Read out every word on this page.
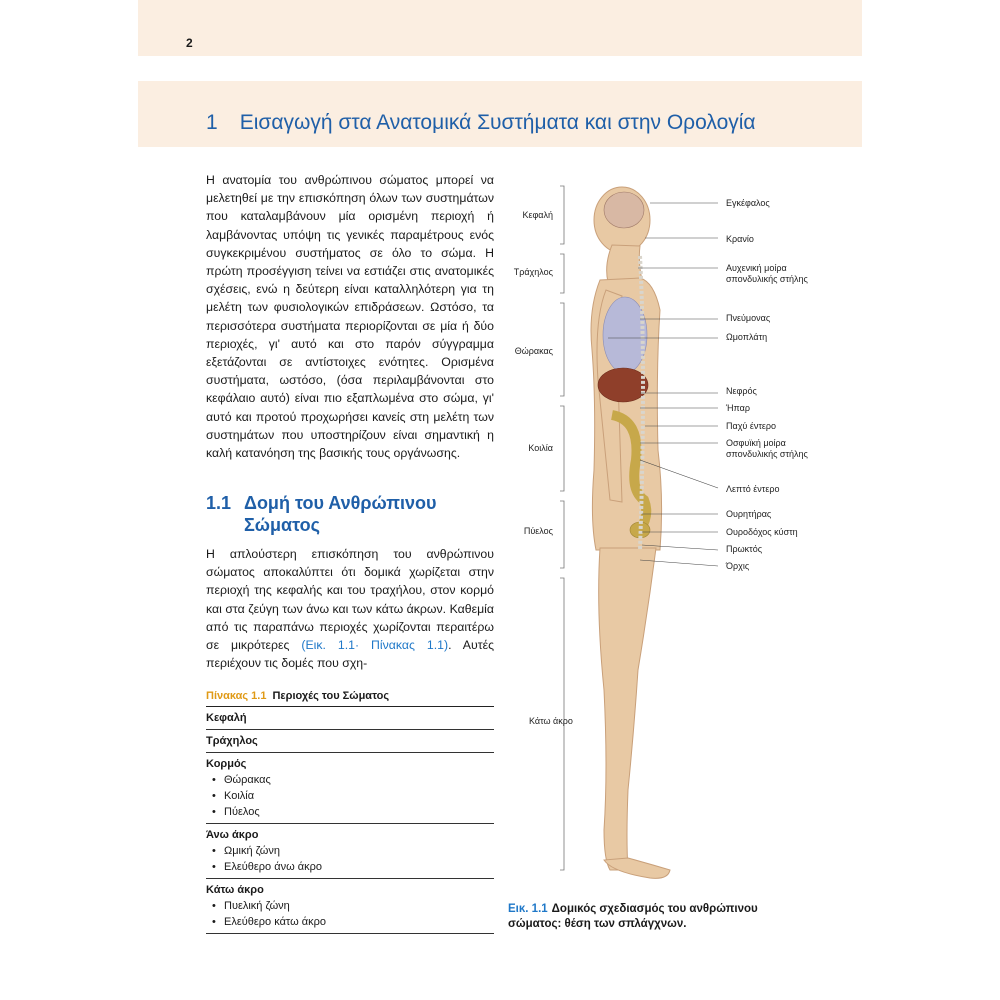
2
1 Εισαγωγή στα Ανατομικά Συστήματα και στην Ορολογία
Η ανατομία του ανθρώπινου σώματος μπορεί να μελετηθεί με την επισκόπηση όλων των συστημάτων που καταλαμβάνουν μία ορισμένη περιοχή ή λαμβάνοντας υπόψη τις γενικές παραμέτρους ενός συγκεκριμένου συστήματος σε όλο το σώμα. Η πρώτη προσέγγιση τείνει να εστιάζει στις ανατομικές σχέσεις, ενώ η δεύτερη είναι καταλληλότερη για τη μελέτη των φυσιολογικών επιδράσεων. Ωστόσο, τα περισσότερα συστήματα περιορίζονται σε μία ή δύο περιοχές, γι' αυτό και στο παρόν σύγγραμμα εξετάζονται σε αντίστοιχες ενότητες. Ορισμένα συστήματα, ωστόσο, (όσα περιλαμβάνονται στο κεφάλαιο αυτό) είναι πιο εξαπλωμένα στο σώμα, γι' αυτό και προτού προχωρήσει κανείς στη μελέτη των συστημάτων που υποστηρίζουν είναι σημαντική η καλή κατανόηση της βασικής τους οργάνωσης.
1.1 Δομή του Ανθρώπινου
Σώματος
Η απλούστερη επισκόπηση του ανθρώπινου σώματος αποκαλύπτει ότι δομικά χωρίζεται στην περιοχή της κεφαλής και του τραχήλου, στον κορμό και στα ζεύγη των άνω και των κάτω άκρων. Καθεμία από τις παραπάνω περιοχές χωρίζονται περαιτέρω σε μικρότερες (Εικ. 1.1· Πίνακας 1.1). Αυτές περιέχουν τις δομές που σχη-
Πίνακας 1.1 Περιοχές του Σώματος
Κεφαλή
Τράχηλος
Κορμός
• Θώρακας
• Κοιλία
• Πύελος
Άνω άκρο
• Ωμική ζώνη
• Ελεύθερο άνω άκρο
Κάτω άκρο
• Πυελική ζώνη
• Ελεύθερο κάτω άκρο
Κεφαλή
Τράχηλος
Θώρακας
Κοιλία
Πύελος
Κάτω άκρο
Εγκέφαλος
Κρανίο
Αυχενική μοίρα σπονδυλικής στήλης
Πνεύμονας
Ωμοπλάτη
Νεφρός
Ήπαρ
Παχύ έντερο
Οσφυϊκή μοίρα σπονδυλικής στήλης
Λεπτό έντερο
Ουρητήρας
Ουροδόχος κύστη
Πρωκτός
Όρχις
Εικ. 1.1 Δομικός σχεδιασμός του ανθρώπινου σώματος: θέση των σπλάγχνων.
